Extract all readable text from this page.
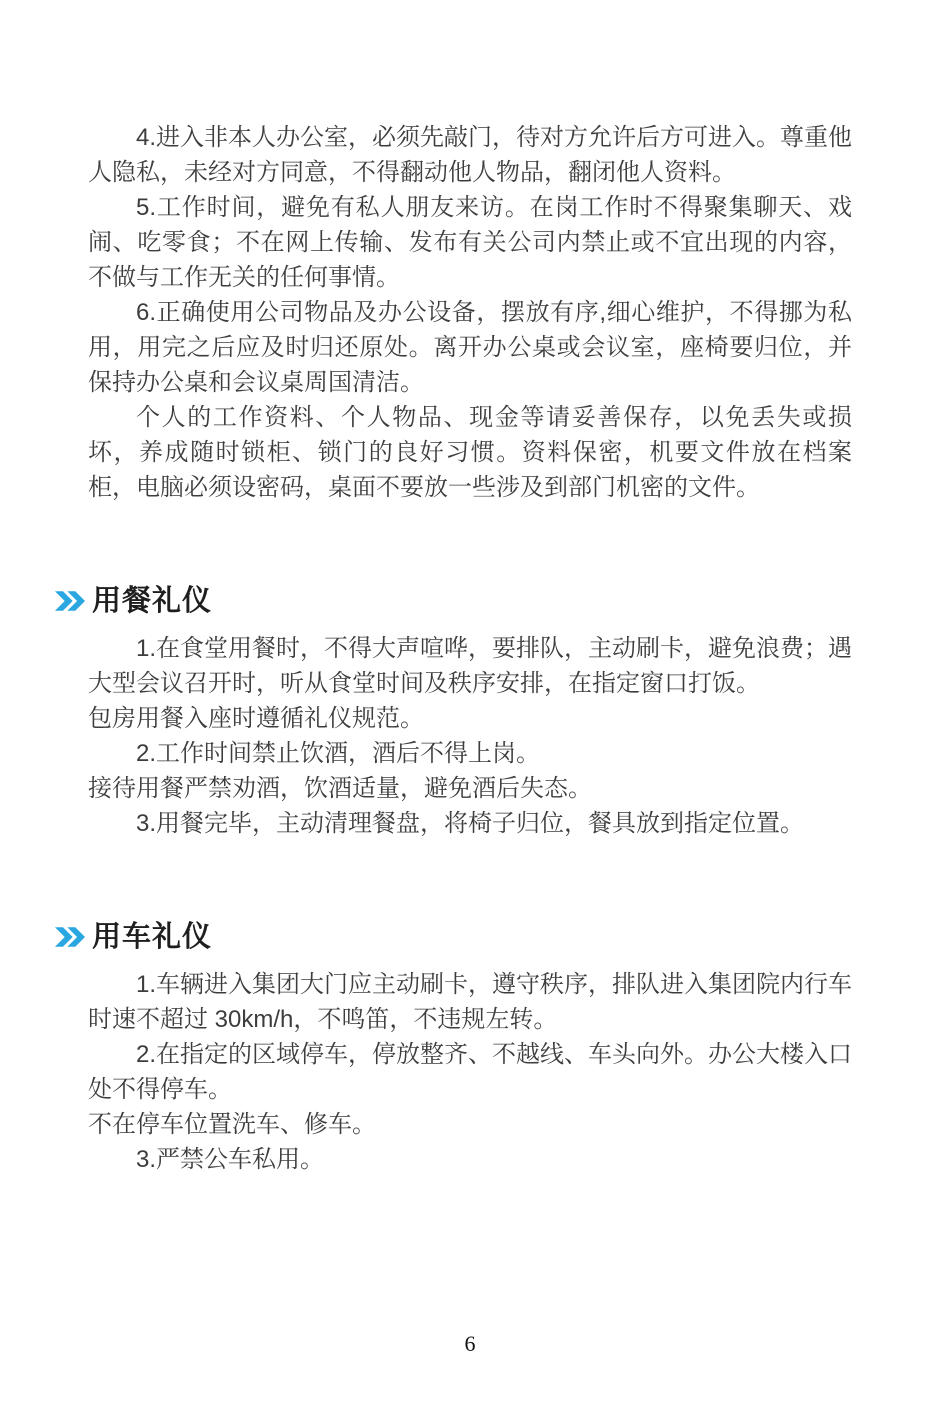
4.进入非本人办公室，必须先敲门，待对方允许后方可进入。尊重他人隐私，未经对方同意，不得翻动他人物品，翻闭他人资料。

5.工作时间，避免有私人朋友来访。在岗工作时不得聚集聊天、戏闹、吃零食；不在网上传输、发布有关公司内禁止或不宜出现的内容，不做与工作无关的任何事情。

6.正确使用公司物品及办公设备，摆放有序,细心维护，不得挪为私用，用完之后应及时归还原处。离开办公桌或会议室，座椅要归位，并保持办公桌和会议桌周国清洁。

个人的工作资料、个人物品、现金等请妥善保存，以免丢失或损坏，养成随时锁柜、锁门的良好习惯。资料保密，机要文件放在档案柜，电脑必须设密码，桌面不要放一些涉及到部门机密的文件。

用餐礼仪

1.在食堂用餐时，不得大声喧哗，要排队，主动刷卡，避免浪费；遇大型会议召开时，听从食堂时间及秩序安排，在指定窗口打饭。

包房用餐入座时遵循礼仪规范。

2.工作时间禁止饮酒，酒后不得上岗。

接待用餐严禁劝酒，饮酒适量，避免酒后失态。

3.用餐完毕，主动清理餐盘，将椅子归位，餐具放到指定位置。

用车礼仪

1.车辆进入集团大门应主动刷卡，遵守秩序，排队进入集团院内行车时速不超过 30km/h，不鸣笛，不违规左转。

2.在指定的区域停车，停放整齐、不越线、车头向外。办公大楼入口处不得停车。

不在停车位置洗车、修车。

3.严禁公车私用。

6
